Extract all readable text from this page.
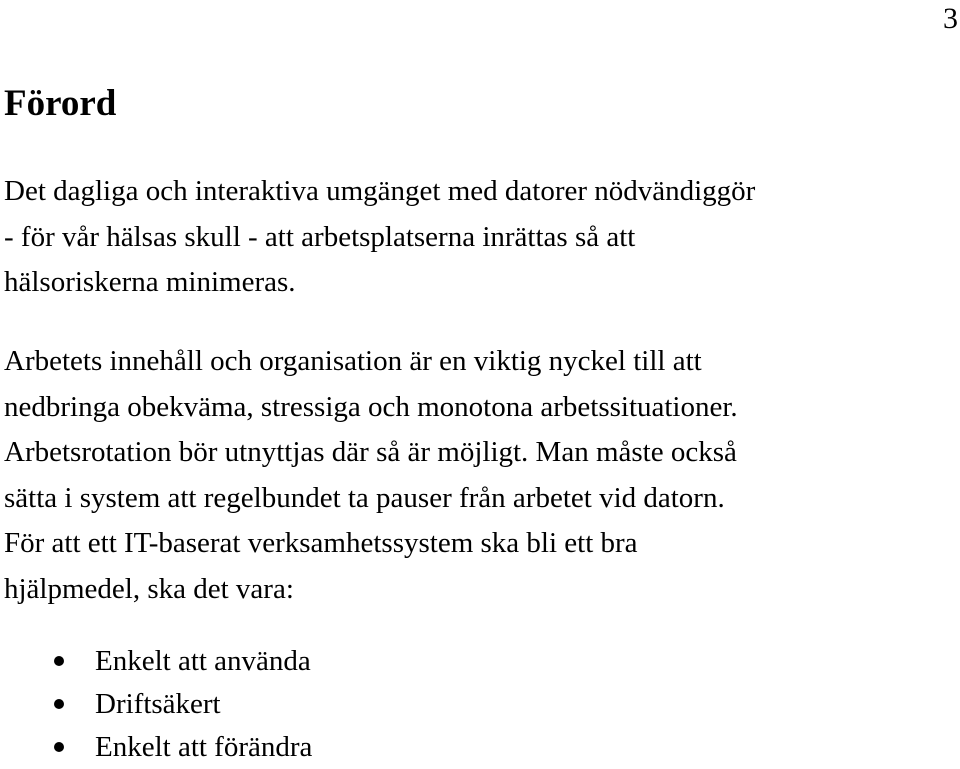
3
Förord

Det dagliga och interaktiva umgänget med datorer nödvändiggör
- för vår hälsas skull - att arbetsplatserna inrättas så att
hälsoriskerna minimeras.

Arbetets innehåll och organisation är en viktig nyckel till att
nedbringa obekväma, stressiga och monotona arbetssituationer.
Arbetsrotation bör utnyttjas där så är möjligt. Man måste också
sätta i system att regelbundet ta pauser från arbetet vid datorn.
För att ett IT-baserat verksamhetssystem ska bli ett bra
hjälpmedel, ska det vara:

Enkelt att använda
Driftsäkert
Enkelt att förändra
